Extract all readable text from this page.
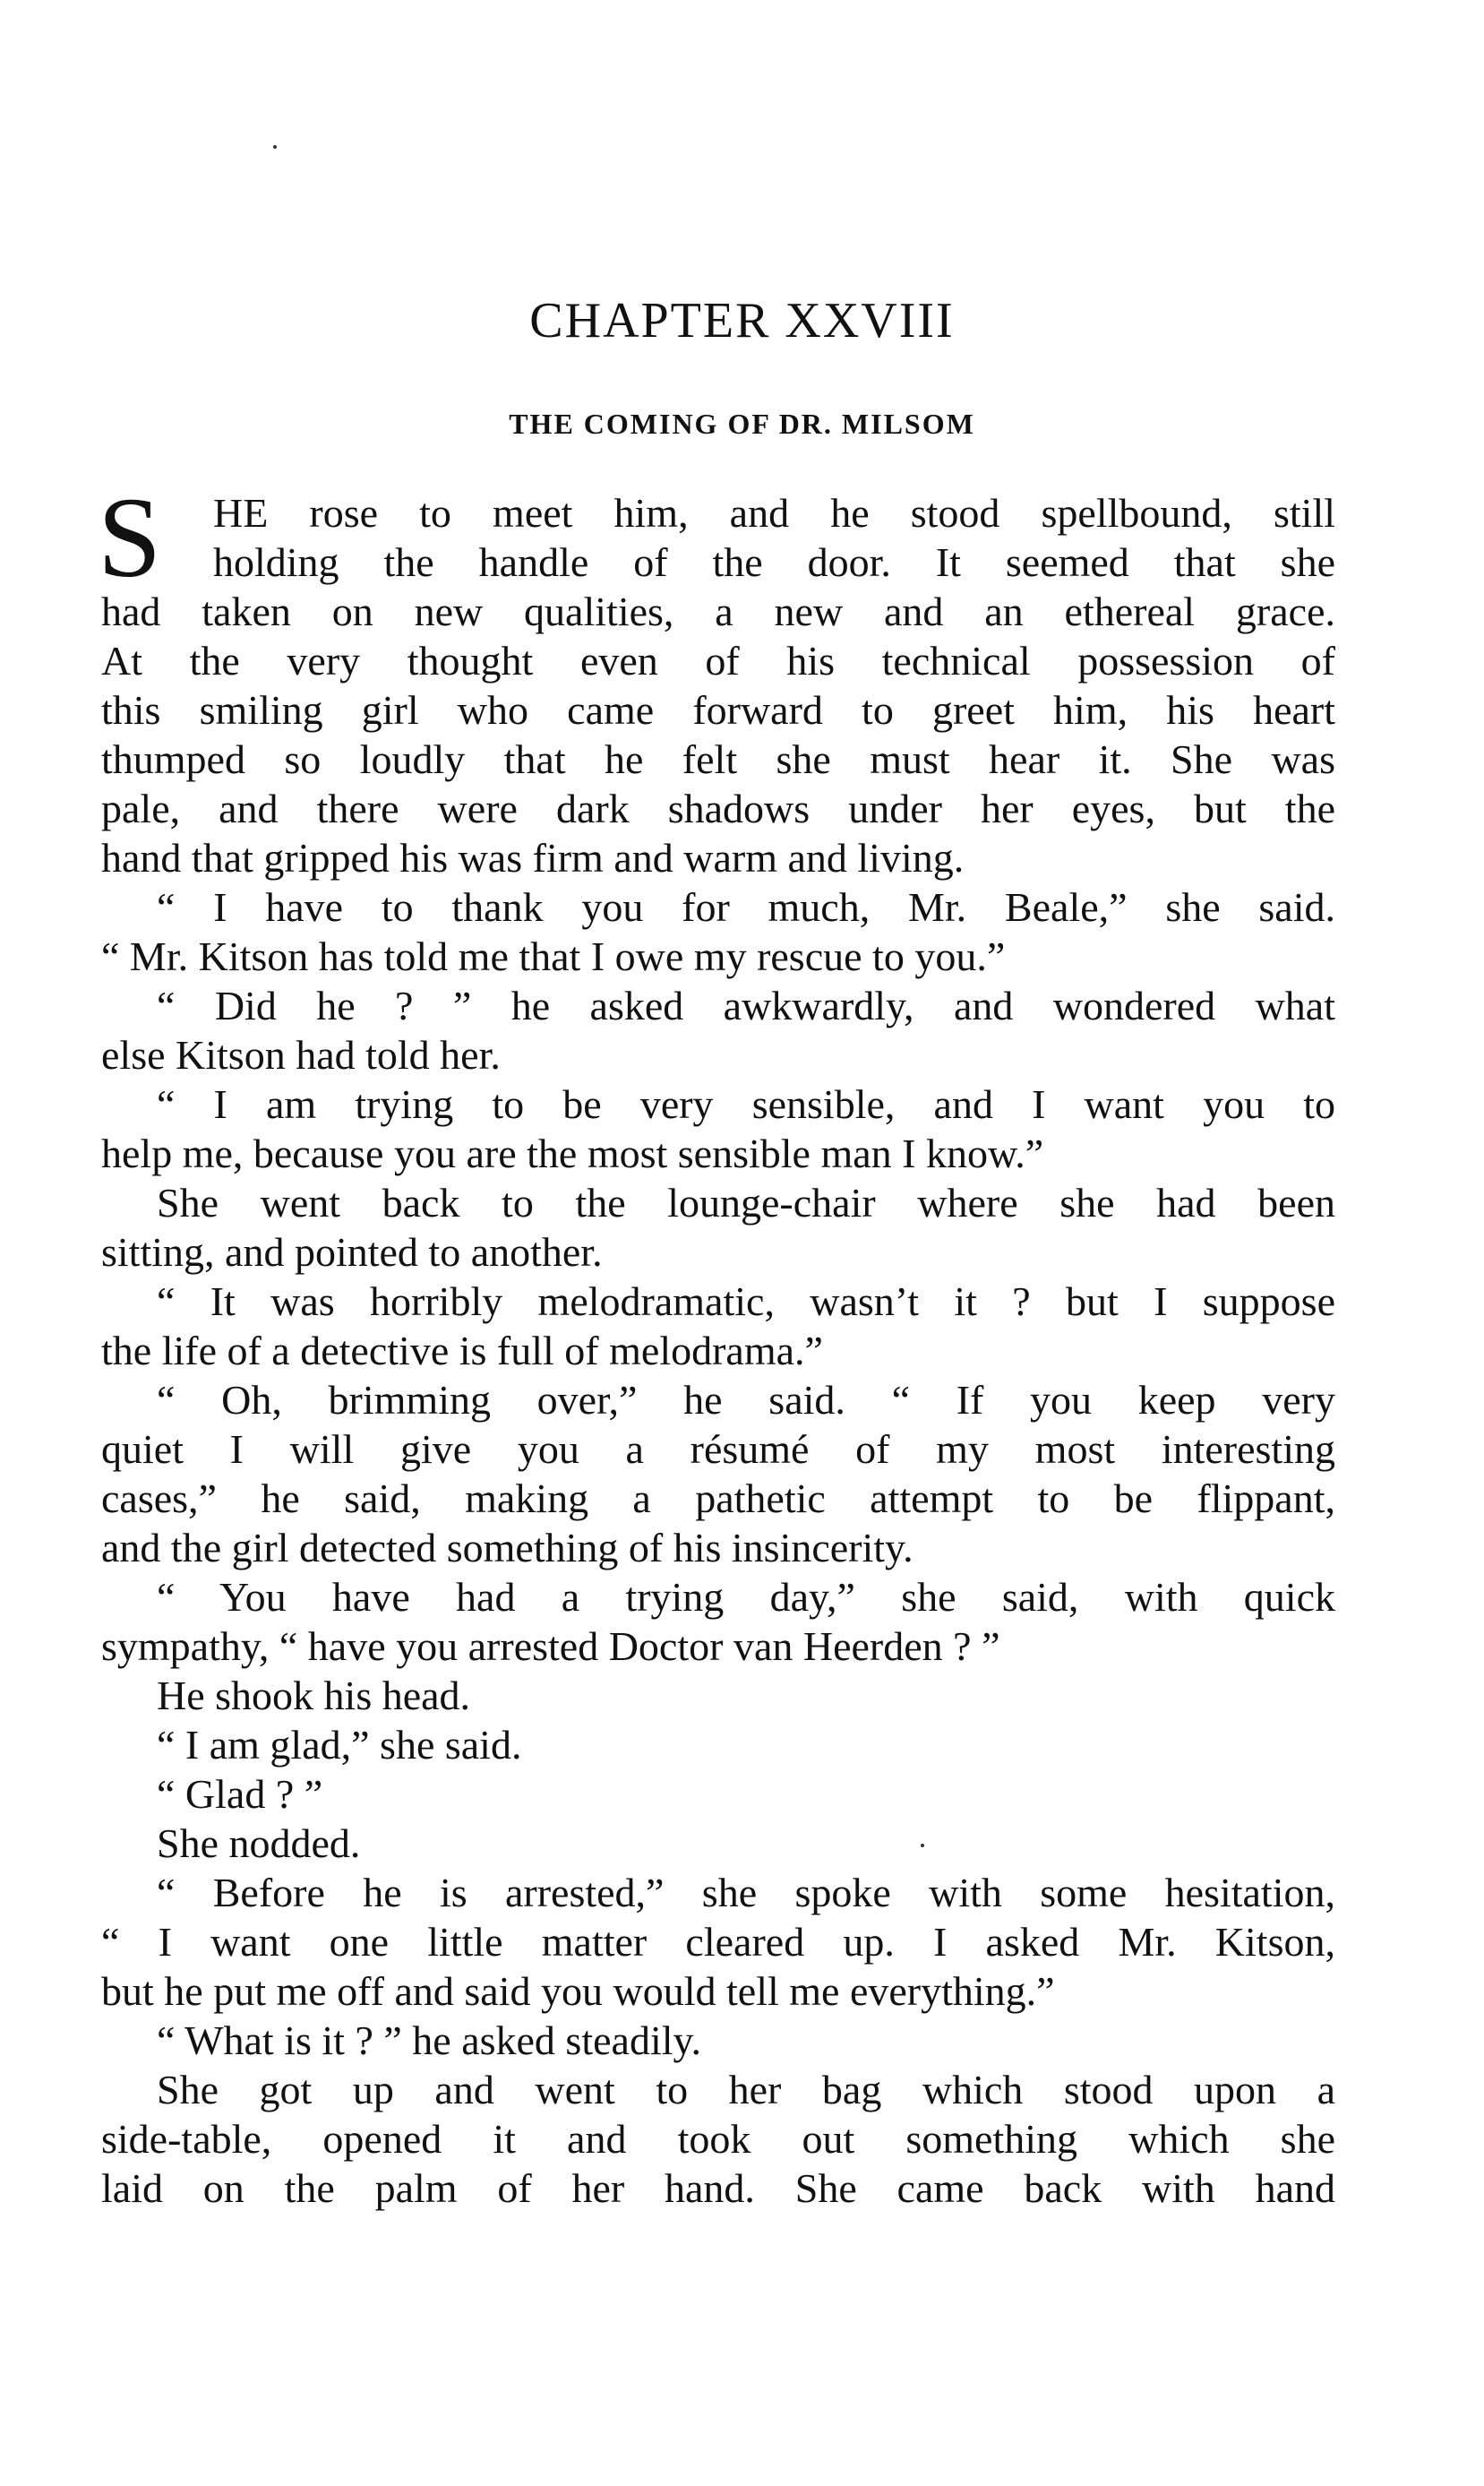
CHAPTER XXVIII
THE COMING OF DR. MILSOM
S HE rose to meet him, and he stood spellbound, still
holding the handle of the door. It seemed that she
had taken on new qualities, a new and an ethereal grace.
At the very thought even of his technical possession of
this smiling girl who came forward to greet him, his heart
thumped so loudly that he felt she must hear it. She was
pale, and there were dark shadows under her eyes, but the
hand that gripped his was firm and warm and living.
“ I have to thank you for much, Mr. Beale,” she said.
“ Mr. Kitson has told me that I owe my rescue to you.”
“ Did he ? ” he asked awkwardly, and wondered what
else Kitson had told her.
“ I am trying to be very sensible, and I want you to
help me, because you are the most sensible man I know.”
She went back to the lounge-chair where she had been
sitting, and pointed to another.
“ It was horribly melodramatic, wasn’t it ? but I suppose
the life of a detective is full of melodrama.”
“ Oh, brimming over,” he said. “ If you keep very
quiet I will give you a résumé of my most interesting
cases,” he said, making a pathetic attempt to be flippant,
and the girl detected something of his insincerity.
“ You have had a trying day,” she said, with quick
sympathy, “ have you arrested Doctor van Heerden ? ”
He shook his head.
“ I am glad,” she said.
“ Glad ? ”
She nodded.
“ Before he is arrested,” she spoke with some hesitation,
“ I want one little matter cleared up. I asked Mr. Kitson,
but he put me off and said you would tell me everything.”
“ What is it ? ” he asked steadily.
She got up and went to her bag which stood upon a
side-table, opened it and took out something which she
laid on the palm of her hand. She came back with hand
